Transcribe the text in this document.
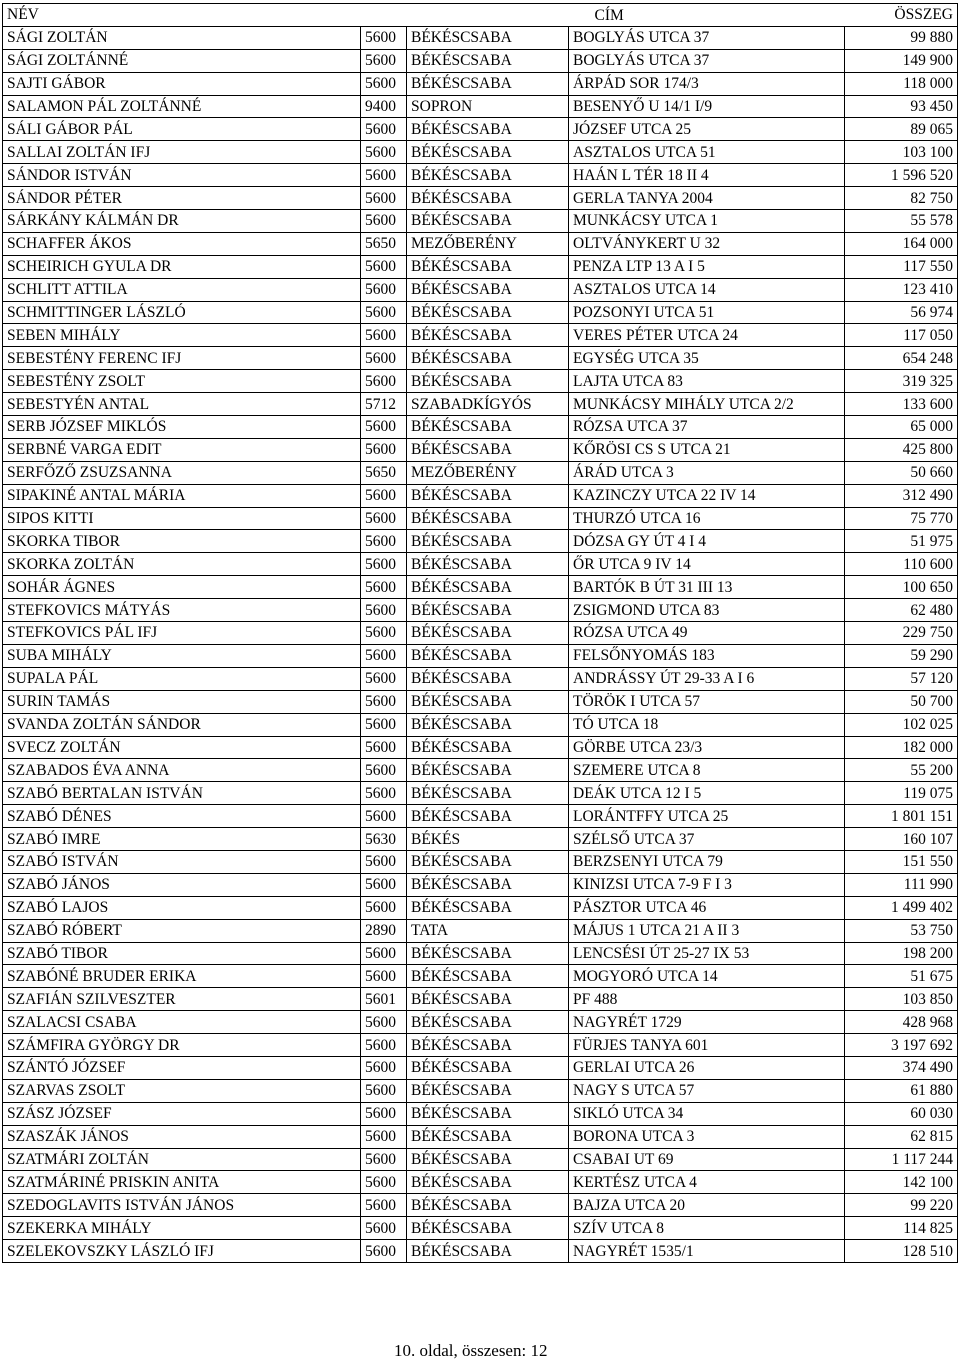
NÉV			CÍM	ÖSSZEG
SÁGI ZOLTÁN	5600	BÉKÉSCSABA	BOGLYÁS UTCA 37	99 880
SÁGI ZOLTÁNNÉ	5600	BÉKÉSCSABA	BOGLYÁS UTCA 37	149 900
SAJTI GÁBOR	5600	BÉKÉSCSABA	ÁRPÁD SOR 174/3	118 000
SALAMON PÁL ZOLTÁNNÉ	9400	SOPRON	BESENYŐ U 14/1 I/9	93 450
SÁLI GÁBOR PÁL	5600	BÉKÉSCSABA	JÓZSEF UTCA 25	89 065
SALLAI ZOLTÁN IFJ	5600	BÉKÉSCSABA	ASZTALOS UTCA 51	103 100
SÁNDOR ISTVÁN	5600	BÉKÉSCSABA	HAÁN L TÉR 18 II 4	1 596 520
SÁNDOR PÉTER	5600	BÉKÉSCSABA	GERLA TANYA 2004	82 750
SÁRKÁNY KÁLMÁN DR	5600	BÉKÉSCSABA	MUNKÁCSY UTCA 1	55 578
SCHAFFER ÁKOS	5650	MEZŐBERÉNY	OLTVÁNYKERT U 32	164 000
SCHEIRICH GYULA DR	5600	BÉKÉSCSABA	PENZA LTP 13 A I 5	117 550
SCHLITT ATTILA	5600	BÉKÉSCSABA	ASZTALOS UTCA 14	123 410
SCHMITTINGER LÁSZLÓ	5600	BÉKÉSCSABA	POZSONYI UTCA 51	56 974
SEBEN MIHÁLY	5600	BÉKÉSCSABA	VERES PÉTER UTCA 24	117 050
SEBESTÉNY FERENC IFJ	5600	BÉKÉSCSABA	EGYSÉG UTCA 35	654 248
SEBESTÉNY ZSOLT	5600	BÉKÉSCSABA	LAJTA UTCA 83	319 325
SEBESTYÉN ANTAL	5712	SZABADKÍGYÓS	MUNKÁCSY MIHÁLY UTCA 2/2	133 600
SERB JÓZSEF MIKLÓS	5600	BÉKÉSCSABA	RÓZSA UTCA 37	65 000
SERBNÉ VARGA EDIT	5600	BÉKÉSCSABA	KŐRÖSI CS S UTCA 21	425 800
SERFŐZŐ ZSUZSANNA	5650	MEZŐBERÉNY	ÁRÁD UTCA 3	50 660
SIPAKINÉ ANTAL MÁRIA	5600	BÉKÉSCSABA	KAZINCZY UTCA 22 IV 14	312 490
SIPOS KITTI	5600	BÉKÉSCSABA	THURZÓ UTCA 16	75 770
SKORKA TIBOR	5600	BÉKÉSCSABA	DÓZSA GY ÚT 4 I 4	51 975
SKORKA ZOLTÁN	5600	BÉKÉSCSABA	ŐR UTCA 9 IV 14	110 600
SOHÁR ÁGNES	5600	BÉKÉSCSABA	BARTÓK B ÚT 31 III 13	100 650
STEFKOVICS MÁTYÁS	5600	BÉKÉSCSABA	ZSIGMOND UTCA 83	62 480
STEFKOVICS PÁL IFJ	5600	BÉKÉSCSABA	RÓZSA UTCA 49	229 750
SUBA MIHÁLY	5600	BÉKÉSCSABA	FELSŐNYOMÁS 183	59 290
SUPALA PÁL	5600	BÉKÉSCSABA	ANDRÁSSY ÚT 29-33 A I 6	57 120
SURIN TAMÁS	5600	BÉKÉSCSABA	TÖRÖK I UTCA 57	50 700
SVANDA ZOLTÁN SÁNDOR	5600	BÉKÉSCSABA	TÓ UTCA 18	102 025
SVECZ ZOLTÁN	5600	BÉKÉSCSABA	GÖRBE UTCA 23/3	182 000
SZABADOS ÉVA ANNA	5600	BÉKÉSCSABA	SZEMERE UTCA 8	55 200
SZABÓ BERTALAN ISTVÁN	5600	BÉKÉSCSABA	DEÁK UTCA 12 I 5	119 075
SZABÓ DÉNES	5600	BÉKÉSCSABA	LORÁNTFFY UTCA 25	1 801 151
SZABÓ IMRE	5630	BÉKÉS	SZÉLSŐ UTCA 37	160 107
SZABÓ ISTVÁN	5600	BÉKÉSCSABA	BERZSENYI UTCA 79	151 550
SZABÓ JÁNOS	5600	BÉKÉSCSABA	KINIZSI UTCA 7-9 F I 3	111 990
SZABÓ LAJOS	5600	BÉKÉSCSABA	PÁSZTOR UTCA 46	1 499 402
SZABÓ RÓBERT	2890	TATA	MÁJUS 1 UTCA 21 A II 3	53 750
SZABÓ TIBOR	5600	BÉKÉSCSABA	LENCSÉSI ÚT 25-27 IX 53	198 200
SZABÓNÉ BRUDER ERIKA	5600	BÉKÉSCSABA	MOGYORÓ UTCA 14	51 675
SZAFIÁN SZILVESZTER	5601	BÉKÉSCSABA	PF 488	103 850
SZALACSI CSABA	5600	BÉKÉSCSABA	NAGYRÉT 1729	428 968
SZÁMFIRA GYÖRGY DR	5600	BÉKÉSCSABA	FÜRJES TANYA 601	3 197 692
SZÁNTÓ JÓZSEF	5600	BÉKÉSCSABA	GERLAI UTCA 26	374 490
SZARVAS ZSOLT	5600	BÉKÉSCSABA	NAGY S UTCA 57	61 880
SZÁSZ JÓZSEF	5600	BÉKÉSCSABA	SIKLÓ UTCA 34	60 030
SZASZÁK JÁNOS	5600	BÉKÉSCSABA	BORONA UTCA 3	62 815
SZATMÁRI ZOLTÁN	5600	BÉKÉSCSABA	CSABAI UT 69	1 117 244
SZATMÁRINÉ PRISKIN ANITA	5600	BÉKÉSCSABA	KERTÉSZ UTCA 4	142 100
SZEDOGLAVITS ISTVÁN JÁNOS	5600	BÉKÉSCSABA	BAJZA UTCA 20	99 220
SZEKERKA MIHÁLY	5600	BÉKÉSCSABA	SZÍV UTCA 8	114 825
SZELEKOVSZKY LÁSZLÓ IFJ	5600	BÉKÉSCSABA	NAGYRÉT 1535/1	128 510
10. oldal, összesen: 12
